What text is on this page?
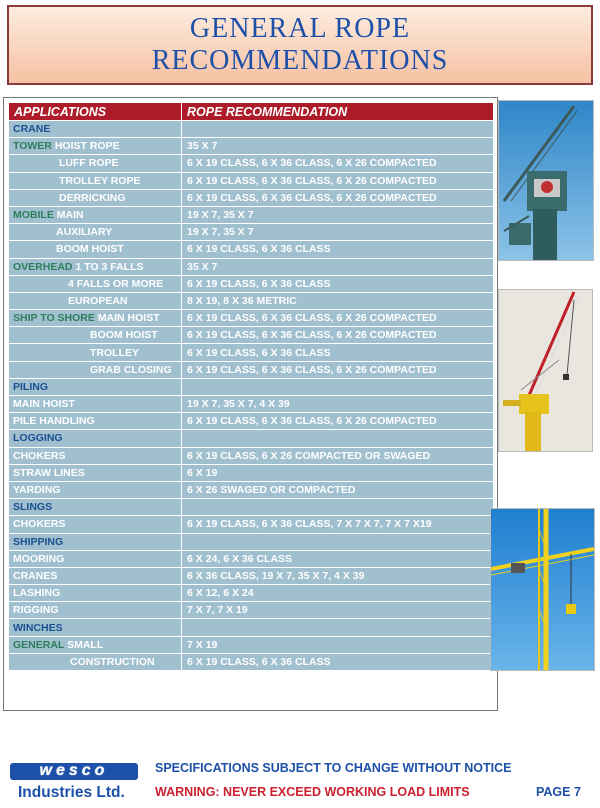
GENERAL ROPE
RECOMMENDATIONS
APPLICATIONS	ROPE RECOMMENDATION
CRANE	
TOWER HOIST ROPE	35 X 7
LUFF ROPE	6 X 19 CLASS, 6 X 36 CLASS, 6 X 26 COMPACTED
TROLLEY ROPE	6 X 19 CLASS, 6 X 36 CLASS, 6 X 26 COMPACTED
DERRICKING	6 X 19 CLASS, 6 X 36 CLASS, 6 X 26 COMPACTED
MOBILE MAIN	19 X 7, 35 X 7
AUXILIARY	19 X 7, 35 X 7
BOOM HOIST	6 X 19 CLASS, 6 X 36 CLASS
OVERHEAD 1 TO 3 FALLS	35 X 7
4 FALLS OR MORE	6 X 19 CLASS, 6 X 36 CLASS
EUROPEAN	8 X 19, 8 X 36 METRIC
SHIP TO SHORE MAIN HOIST	6 X 19 CLASS, 6 X 36 CLASS, 6 X 26 COMPACTED
BOOM HOIST	6 X 19 CLASS, 6 X 36 CLASS, 6 X 26 COMPACTED
TROLLEY	6 X 19 CLASS, 6 X 36 CLASS
GRAB CLOSING	6 X 19 CLASS, 6 X 36 CLASS, 6 X 26 COMPACTED
PILING	
MAIN HOIST	19 X 7, 35 X 7, 4 X 39
PILE HANDLING	6 X 19 CLASS, 6 X 36 CLASS, 6 X 26 COMPACTED
LOGGING	
CHOKERS	6 X 19 CLASS, 6 X 26 COMPACTED OR SWAGED
STRAW LINES	6 X 19
YARDING	6 X 26 SWAGED OR COMPACTED
SLINGS	
CHOKERS	6 X 19 CLASS, 6 X 36 CLASS, 7 X 7 X 7, 7 X 7 X19
SHIPPING	
MOORING	6 X 24, 6 X 36 CLASS
CRANES	6 X 36 CLASS, 19 X 7, 35 X 7, 4 X 39
LASHING	6 X 12, 6 X 24
RIGGING	7 X 7, 7 X 19
WINCHES	
GENERAL SMALL	7 X 19
CONSTRUCTION	6 X 19 CLASS, 6 X 36 CLASS
wesco
Industries Ltd.
SPECIFICATIONS SUBJECT TO CHANGE WITHOUT NOTICE
WARNING: NEVER EXCEED WORKING LOAD LIMITS	PAGE 7
